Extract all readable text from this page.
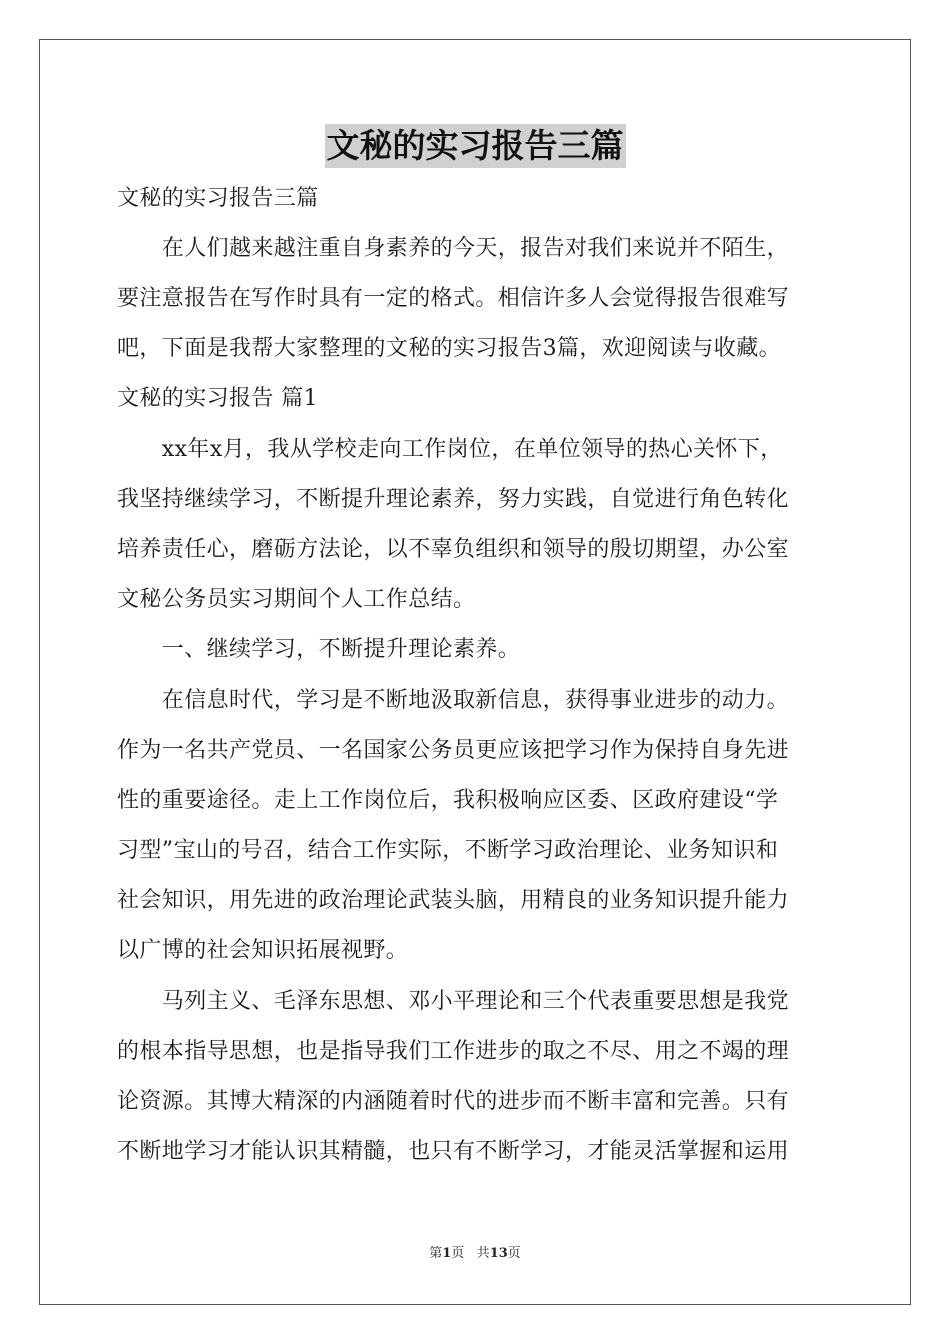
文秘的实习报告三篇

文秘的实习报告三篇

　　在人们越来越注重自身素养的今天，报告对我们来说并不陌生，

要注意报告在写作时具有一定的格式。相信许多人会觉得报告很难写

吧，下面是我帮大家整理的文秘的实习报告3篇，欢迎阅读与收藏。

文秘的实习报告 篇1

　　xx年x月，我从学校走向工作岗位，在单位领导的热心关怀下，

我坚持继续学习，不断提升理论素养，努力实践，自觉进行角色转化

培养责任心，磨砺方法论，以不辜负组织和领导的殷切期望，办公室

文秘公务员实习期间个人工作总结。

　　一、继续学习，不断提升理论素养。

　　在信息时代，学习是不断地汲取新信息，获得事业进步的动力。

作为一名共产党员、一名国家公务员更应该把学习作为保持自身先进

性的重要途径。走上工作岗位后，我积极响应区委、区政府建设“学

习型”宝山的号召，结合工作实际，不断学习政治理论、业务知识和

社会知识，用先进的政治理论武装头脑，用精良的业务知识提升能力

以广博的社会知识拓展视野。

　　马列主义、毛泽东思想、邓小平理论和三个代表重要思想是我党

的根本指导思想，也是指导我们工作进步的取之不尽、用之不竭的理

论资源。其博大精深的内涵随着时代的进步而不断丰富和完善。只有

不断地学习才能认识其精髓，也只有不断学习，才能灵活掌握和运用

第1页 共13页
